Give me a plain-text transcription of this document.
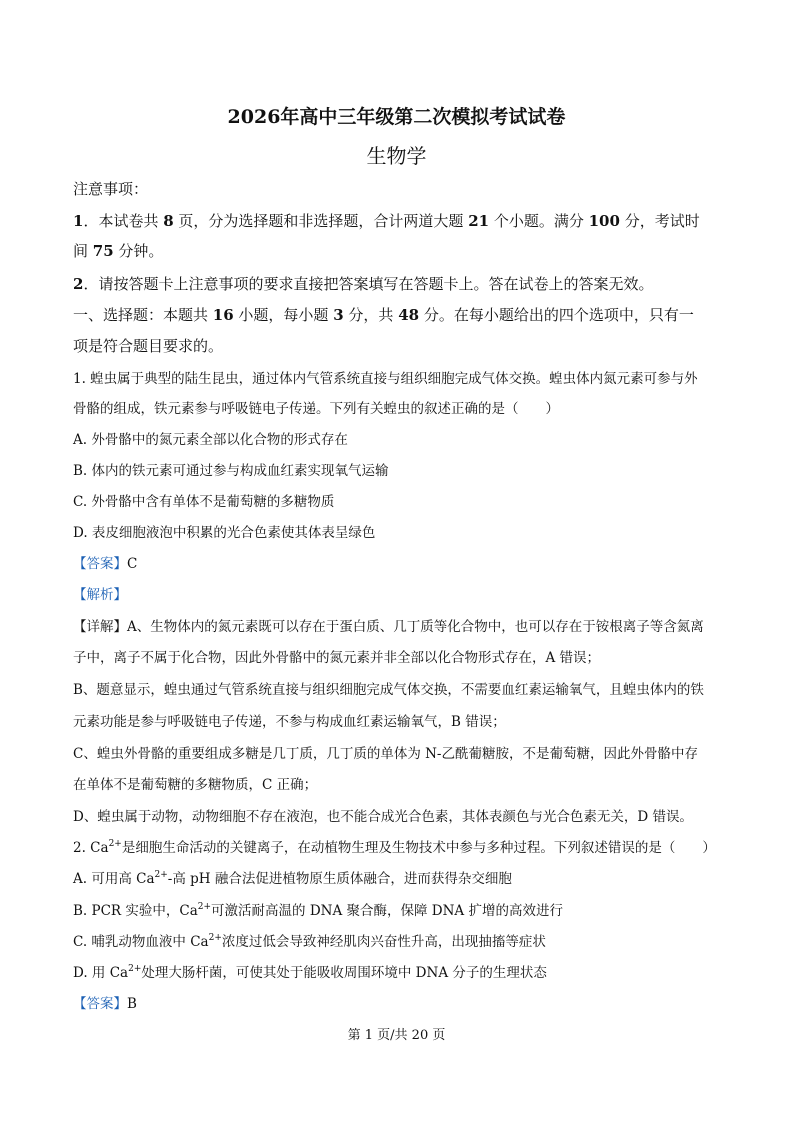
2026年高中三年级第二次模拟考试试卷
生物学
注意事项：
1．本试卷共 8 页，分为选择题和非选择题，合计两道大题 21 个小题。满分 100 分，考试时
间 75 分钟。
2．请按答题卡上注意事项的要求直接把答案填写在答题卡上。答在试卷上的答案无效。
一、选择题：本题共 16 小题，每小题 3 分，共 48 分。在每小题给出的四个选项中，只有一
项是符合题目要求的。
1. 蝗虫属于典型的陆生昆虫，通过体内气管系统直接与组织细胞完成气体交换。蝗虫体内氮元素可参与外
骨骼的组成，铁元素参与呼吸链电子传递。下列有关蝗虫的叙述正确的是（　　）
A. 外骨骼中的氮元素全部以化合物的形式存在
B. 体内的铁元素可通过参与构成血红素实现氧气运输
C. 外骨骼中含有单体不是葡萄糖的多糖物质
D. 表皮细胞液泡中积累的光合色素使其体表呈绿色
【答案】C
【解析】
【详解】A、生物体内的氮元素既可以存在于蛋白质、几丁质等化合物中，也可以存在于铵根离子等含氮离
子中，离子不属于化合物，因此外骨骼中的氮元素并非全部以化合物形式存在，A 错误；
B、题意显示，蝗虫通过气管系统直接与组织细胞完成气体交换，不需要血红素运输氧气，且蝗虫体内的铁
元素功能是参与呼吸链电子传递，不参与构成血红素运输氧气，B 错误；
C、蝗虫外骨骼的重要组成多糖是几丁质，几丁质的单体为 N-乙酰葡糖胺，不是葡萄糖，因此外骨骼中存
在单体不是葡萄糖的多糖物质，C 正确；
D、蝗虫属于动物，动物细胞不存在液泡，也不能合成光合色素，其体表颜色与光合色素无关，D 错误。
2. $Ca^{2+}$是细胞生命活动的关键离子，在动植物生理及生物技术中参与多种过程。下列叙述错误的是（　　）
A. 可用高 $Ca^{2+}-$高 pH 融合法促进植物原生质体融合，进而获得杂交细胞
B. PCR 实验中，$Ca^{2+}$可激活耐高温的 DNA 聚合酶，保障 DNA 扩增的高效进行
C. 哺乳动物血液中 $Ca^{2+}$浓度过低会导致神经肌肉兴奋性升高，出现抽搐等症状
D. 用 $Ca^{2+}$处理大肠杆菌，可使其处于能吸收周围环境中 DNA 分子的生理状态
【答案】B
第 1 页/共 20 页
